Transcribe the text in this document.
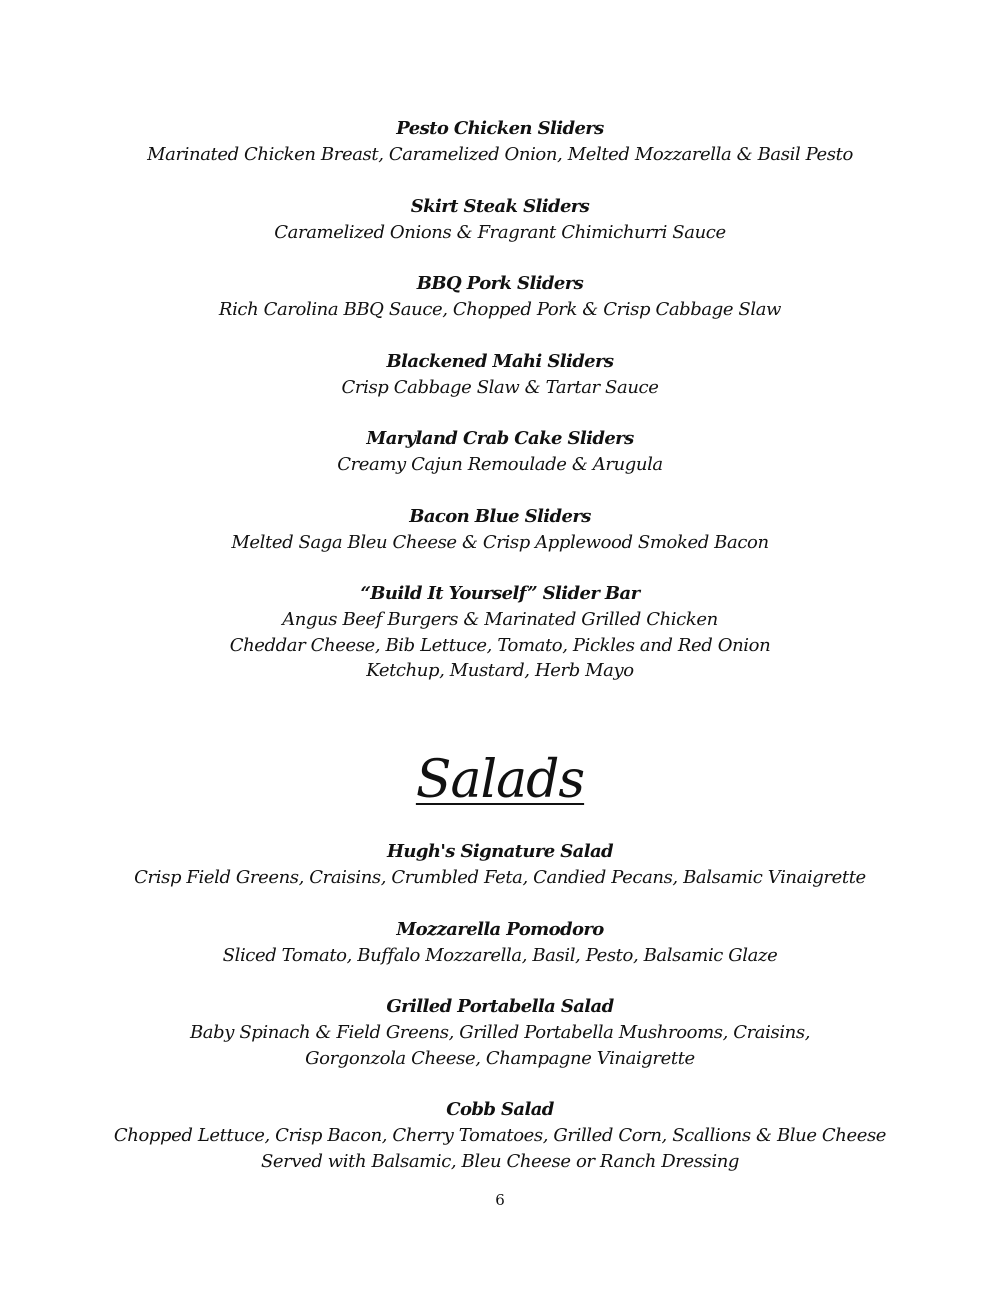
Pesto Chicken Sliders
Marinated Chicken Breast, Caramelized Onion, Melted Mozzarella & Basil Pesto
Skirt Steak Sliders
Caramelized Onions & Fragrant Chimichurri Sauce
BBQ Pork Sliders
Rich Carolina BBQ Sauce, Chopped Pork & Crisp Cabbage Slaw
Blackened Mahi Sliders
Crisp Cabbage Slaw & Tartar Sauce
Maryland Crab Cake Sliders
Creamy Cajun Remoulade & Arugula
Bacon Blue Sliders
Melted Saga Bleu Cheese & Crisp Applewood Smoked Bacon
“Build It Yourself” Slider Bar
Angus Beef Burgers & Marinated Grilled Chicken
Cheddar Cheese, Bib Lettuce, Tomato, Pickles and Red Onion
Ketchup, Mustard, Herb Mayo
Salads
Hugh's Signature Salad
Crisp Field Greens, Craisins, Crumbled Feta, Candied Pecans, Balsamic Vinaigrette
Mozzarella Pomodoro
Sliced Tomato, Buffalo Mozzarella, Basil, Pesto, Balsamic Glaze
Grilled Portabella Salad
Baby Spinach & Field Greens, Grilled Portabella Mushrooms, Craisins,
Gorgonzola Cheese, Champagne Vinaigrette
Cobb Salad
Chopped Lettuce, Crisp Bacon, Cherry Tomatoes, Grilled Corn, Scallions & Blue Cheese
Served with Balsamic, Bleu Cheese or Ranch Dressing
6
